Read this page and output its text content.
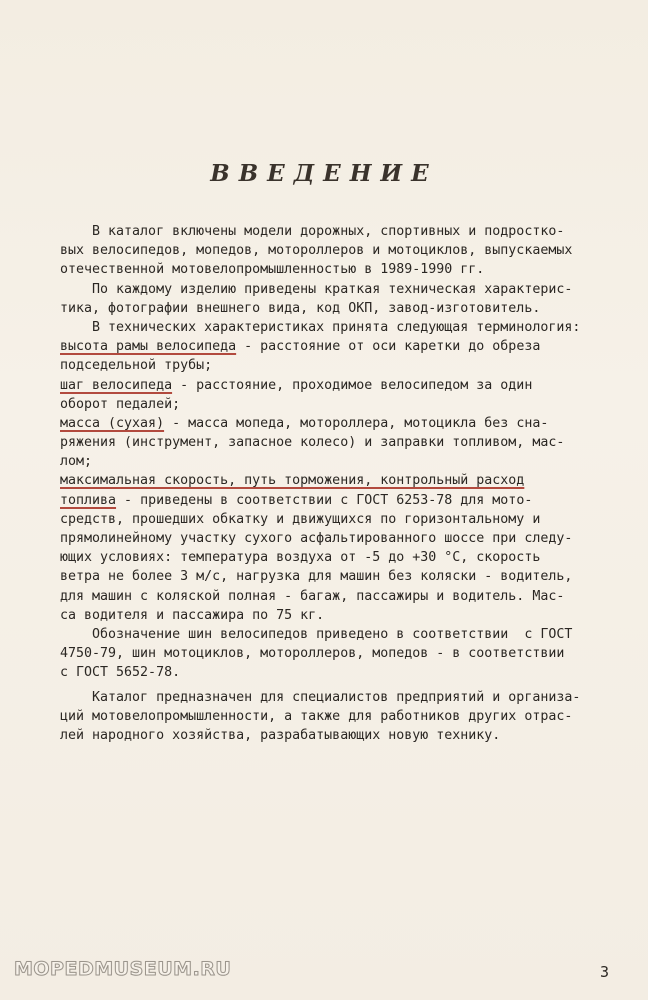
ВВЕДЕНИЕ
В каталог включены модели дорожных, спортивных и подростко-
вых велосипедов, мопедов, мотороллеров и мотоциклов, выпускаемых
отечественной мотовелопромышленностью в 1989-1990 гг.
По каждому изделию приведены краткая техническая характерис-
тика, фотографии внешнего вида, код ОКП, завод-изготовитель.
В технических характеристиках принята следующая терминология:
высота рамы велосипеда - расстояние от оси каретки до обреза
подседельной трубы;
шаг велосипеда - расстояние, проходимое велосипедом за один
оборот педалей;
масса (сухая) - масса мопеда, мотороллера, мотоцикла без сна-
ряжения (инструмент, запасное колесо) и заправки топливом, мас-
лом;
максимальная скорость, путь торможения, контрольный расход
топлива - приведены в соответствии с ГОСТ 6253-78 для мото-
средств, прошедших обкатку и движущихся по горизонтальному и
прямолинейному участку сухого асфальтированного шоссе при следу-
ющих условиях: температура воздуха от -5 до +30 °С, скорость
ветра не более 3 м/с, нагрузка для машин без коляски - водитель,
для машин с коляской полная - багаж, пассажиры и водитель. Мас-
са водителя и пассажира по 75 кг.
Обозначение шин велосипедов приведено в соответствии  с ГОСТ
4750-79, шин мотоциклов, мотороллеров, мопедов - в соответствии
с ГОСТ 5652-78.
Каталог предназначен для специалистов предприятий и организа-
ций мотовелопромышленности, а также для работников других отрас-
лей народного хозяйства, разрабатывающих новую технику.
MOPEDMUSEUM.RU	3
